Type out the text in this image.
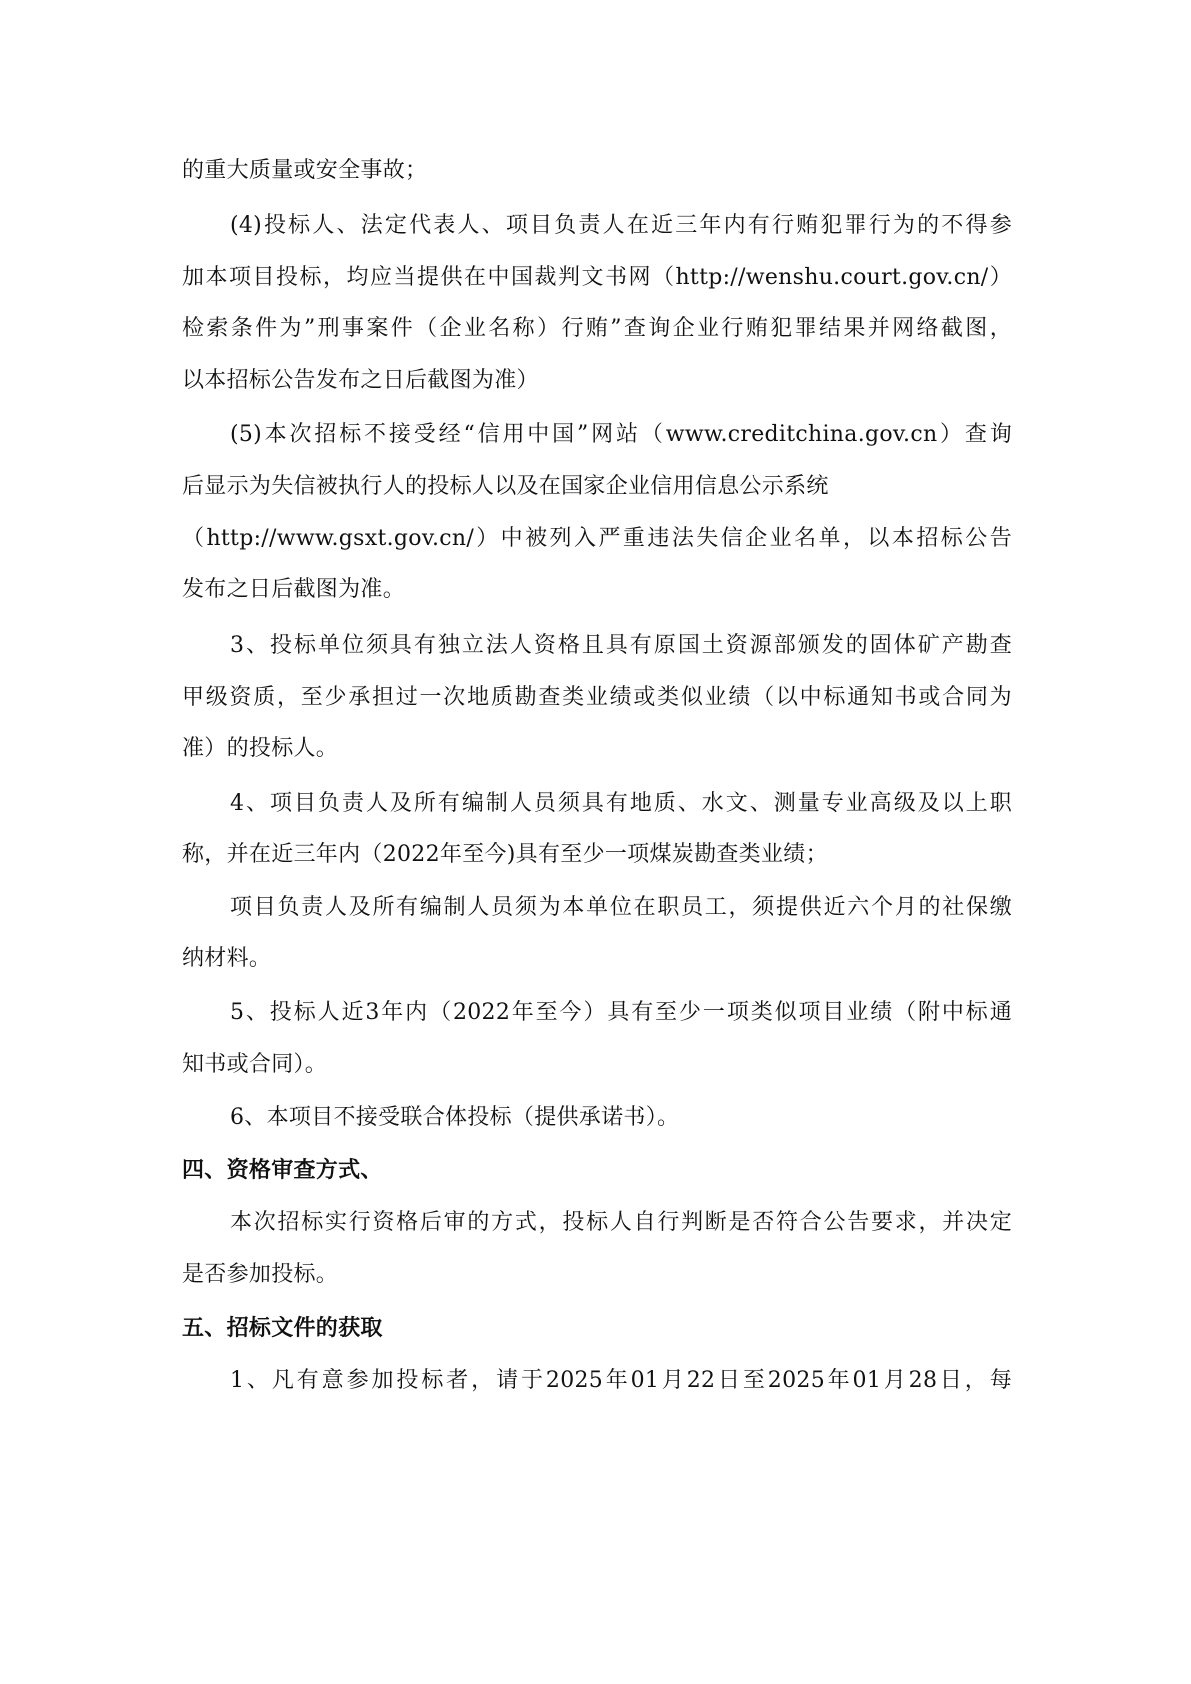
的重大质量或安全事故；
(4)投标人、法定代表人、项目负责人在近三年内有行贿犯罪行为的不得参
加本项目投标，均应当提供在中国裁判文书网（http://wenshu.court.gov.cn/）
检索条件为”刑事案件（企业名称）行贿”查询企业行贿犯罪结果并网络截图，
以本招标公告发布之日后截图为准）
(5)本次招标不接受经“信用中国”网站（www.creditchina.gov.cn）查询
后显示为失信被执行人的投标人以及在国家企业信用信息公示系统
（http://www.gsxt.gov.cn/）中被列入严重违法失信企业名单，以本招标公告
发布之日后截图为准。
3、投标单位须具有独立法人资格且具有原国土资源部颁发的固体矿产勘查
甲级资质，至少承担过一次地质勘查类业绩或类似业绩（以中标通知书或合同为
准）的投标人。
4、项目负责人及所有编制人员须具有地质、水文、测量专业高级及以上职
称，并在近三年内（2022年至今)具有至少一项煤炭勘查类业绩；
项目负责人及所有编制人员须为本单位在职员工，须提供近六个月的社保缴
纳材料。
5、投标人近3年内（2022年至今）具有至少一项类似项目业绩（附中标通
知书或合同）。
6、本项目不接受联合体投标（提供承诺书）。
四、资格审查方式、
本次招标实行资格后审的方式，投标人自行判断是否符合公告要求，并决定
是否参加投标。
五、招标文件的获取
1、凡有意参加投标者，请于2025年01月22日至2025年01月28日，每
